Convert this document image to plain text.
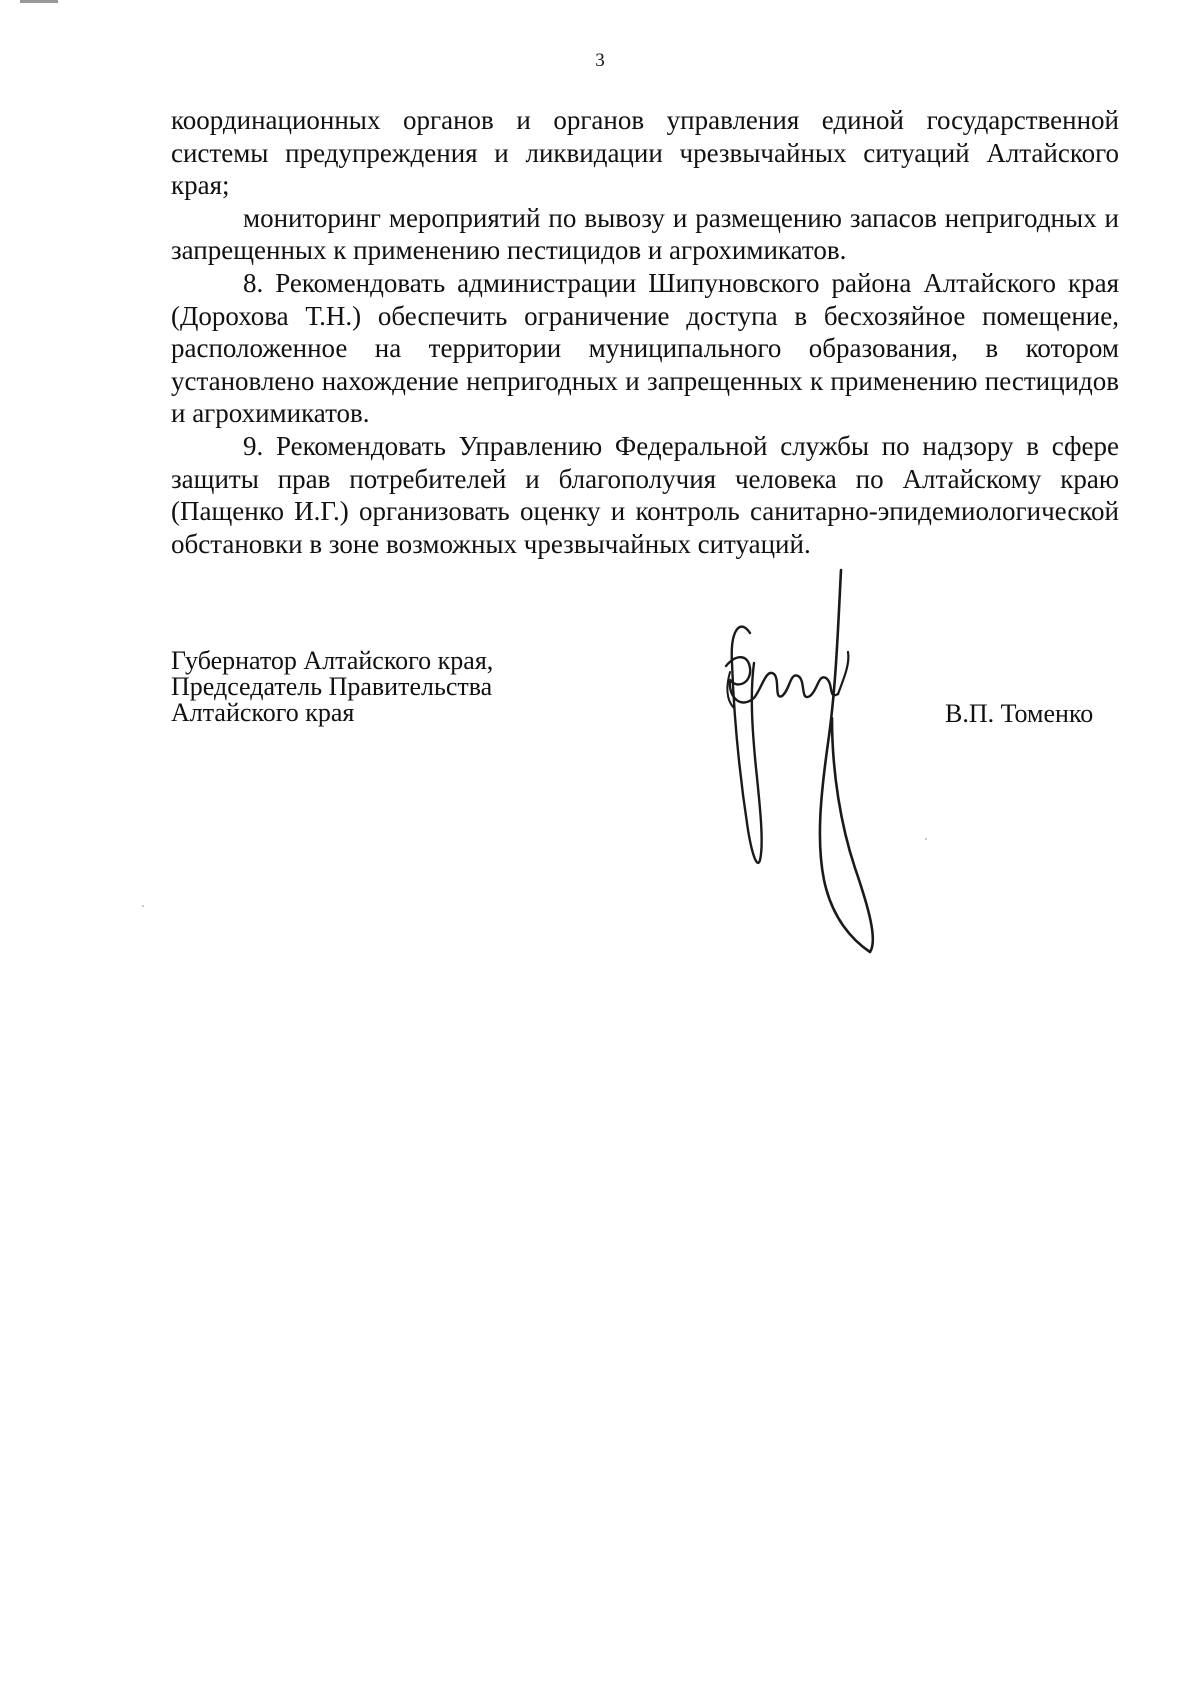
3

координационных органов и органов управления единой государственной системы предупреждения и ликвидации чрезвычайных ситуаций Алтайского края;

мониторинг мероприятий по вывозу и размещению запасов непригодных и запрещенных к применению пестицидов и агрохимикатов.

8. Рекомендовать администрации Шипуновского района Алтайского края (Дорохова Т.Н.) обеспечить ограничение доступа в бесхозяйное помещение, расположенное на территории муниципального образования, в котором установлено нахождение непригодных и запрещенных к применению пестицидов и агрохимикатов.

9. Рекомендовать Управлению Федеральной службы по надзору в сфере защиты прав потребителей и благополучия человека по Алтайскому краю (Пащенко И.Г.) организовать оценку и контроль санитарно-эпидемиологической обстановки в зоне возможных чрезвычайных ситуаций.

Губернатор Алтайского края,
Председатель Правительства
Алтайского края	В.П. Томенко
